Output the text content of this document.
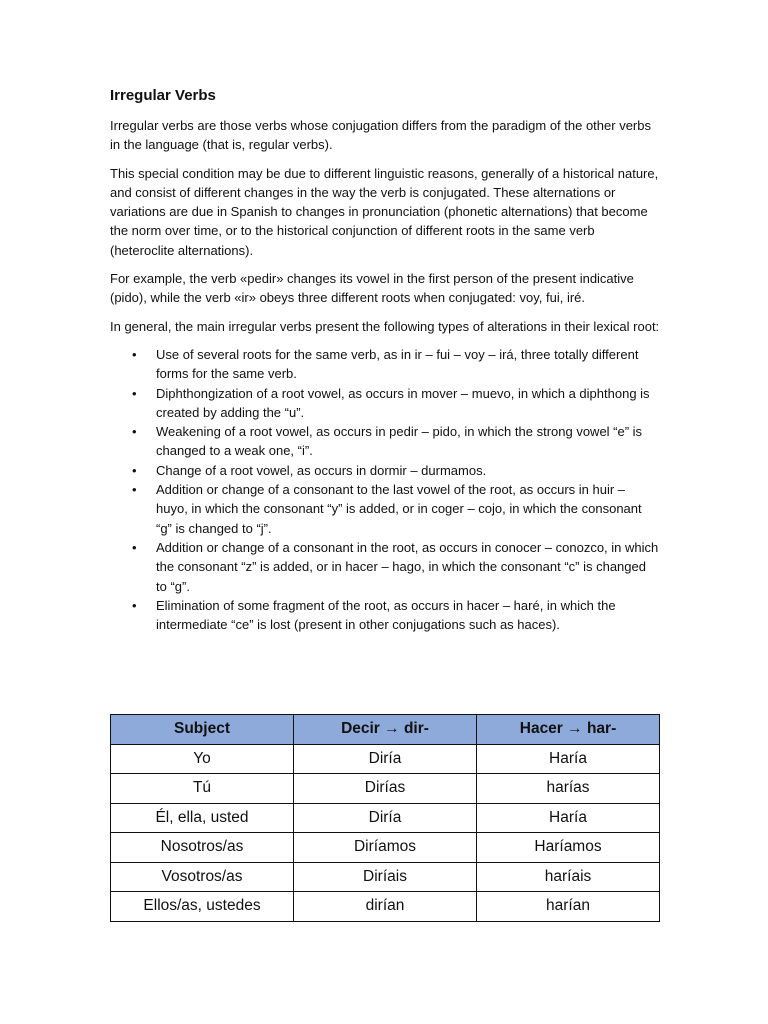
Irregular Verbs

Irregular verbs are those verbs whose conjugation differs from the paradigm of the other verbs in the language (that is, regular verbs).

This special condition may be due to different linguistic reasons, generally of a historical nature, and consist of different changes in the way the verb is conjugated. These alternations or variations are due in Spanish to changes in pronunciation (phonetic alternations) that become the norm over time, or to the historical conjunction of different roots in the same verb (heteroclite alternations).

For example, the verb «pedir» changes its vowel in the first person of the present indicative (pido), while the verb «ir» obeys three different roots when conjugated: voy, fui, iré.

In general, the main irregular verbs present the following types of alterations in their lexical root:

• Use of several roots for the same verb, as in ir – fui – voy – irá, three totally different forms for the same verb.
• Diphthongization of a root vowel, as occurs in mover – muevo, in which a diphthong is created by adding the “u”.
• Weakening of a root vowel, as occurs in pedir – pido, in which the strong vowel “e” is changed to a weak one, “i”.
• Change of a root vowel, as occurs in dormir – durmamos.
• Addition or change of a consonant to the last vowel of the root, as occurs in huir – huyo, in which the consonant “y” is added, or in coger – cojo, in which the consonant “g” is changed to “j”.
• Addition or change of a consonant in the root, as occurs in conocer – conozco, in which the consonant “z” is added, or in hacer – hago, in which the consonant “c” is changed to “g”.
• Elimination of some fragment of the root, as occurs in hacer – haré, in which the intermediate “ce” is lost (present in other conjugations such as haces).
Subject	Decir → dir-	Hacer → har-
Yo	Diría	Haría
Tú	Dirías	harías
Él, ella, usted	Diría	Haría
Nosotros/as	Diríamos	Haríamos
Vosotros/as	Diríais	haríais
Ellos/as, ustedes	dirían	harían
